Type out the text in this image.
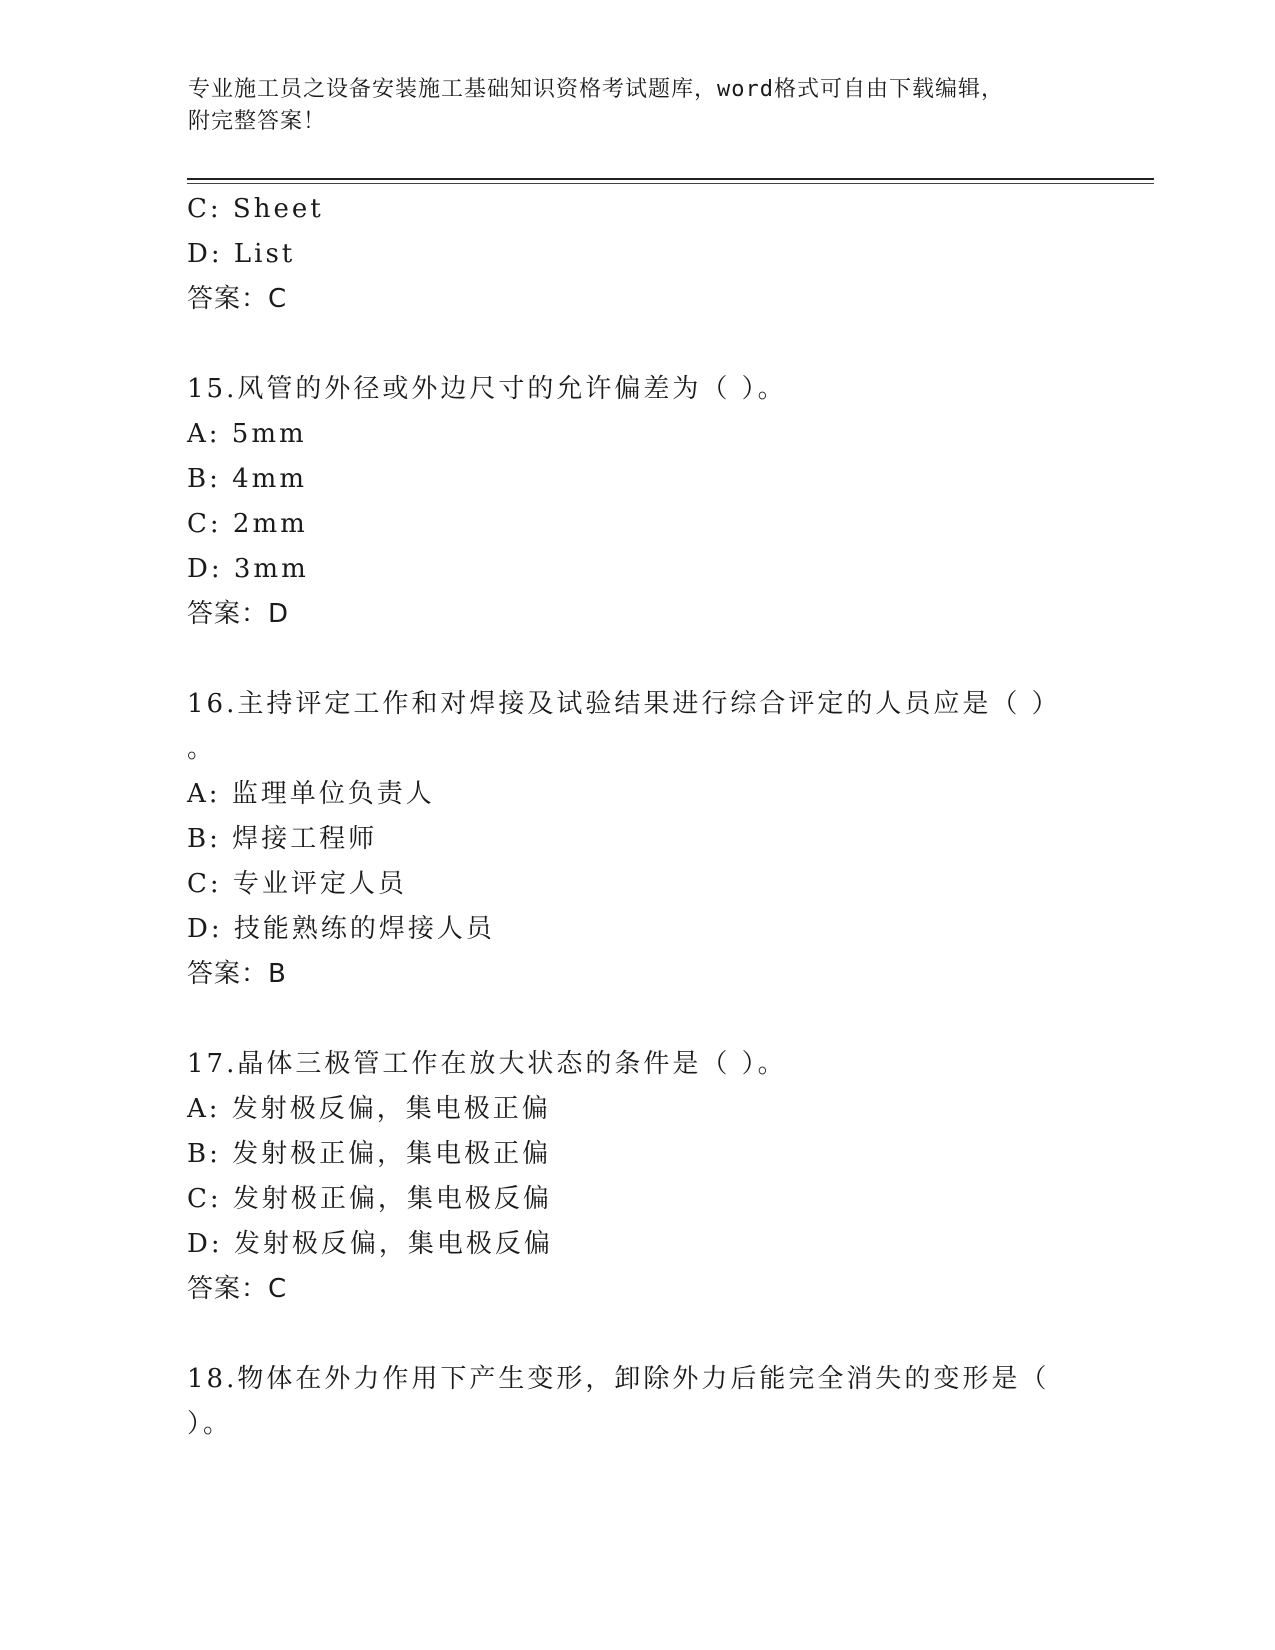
专业施工员之设备安装施工基础知识资格考试题库，word格式可自由下载编辑，
附完整答案！
C: Sheet
D: List
答案：C
15.风管的外径或外边尺寸的允许偏差为（ ）。
A: 5mm
B: 4mm
C: 2mm
D: 3mm
答案：D
16.主持评定工作和对焊接及试验结果进行综合评定的人员应是（ ）
。
A: 监理单位负责人
B: 焊接工程师
C: 专业评定人员
D: 技能熟练的焊接人员
答案：B
17.晶体三极管工作在放大状态的条件是（ ）。
A: 发射极反偏，集电极正偏
B: 发射极正偏，集电极正偏
C: 发射极正偏，集电极反偏
D: 发射极反偏，集电极反偏
答案：C
18.物体在外力作用下产生变形，卸除外力后能完全消失的变形是（
）。
